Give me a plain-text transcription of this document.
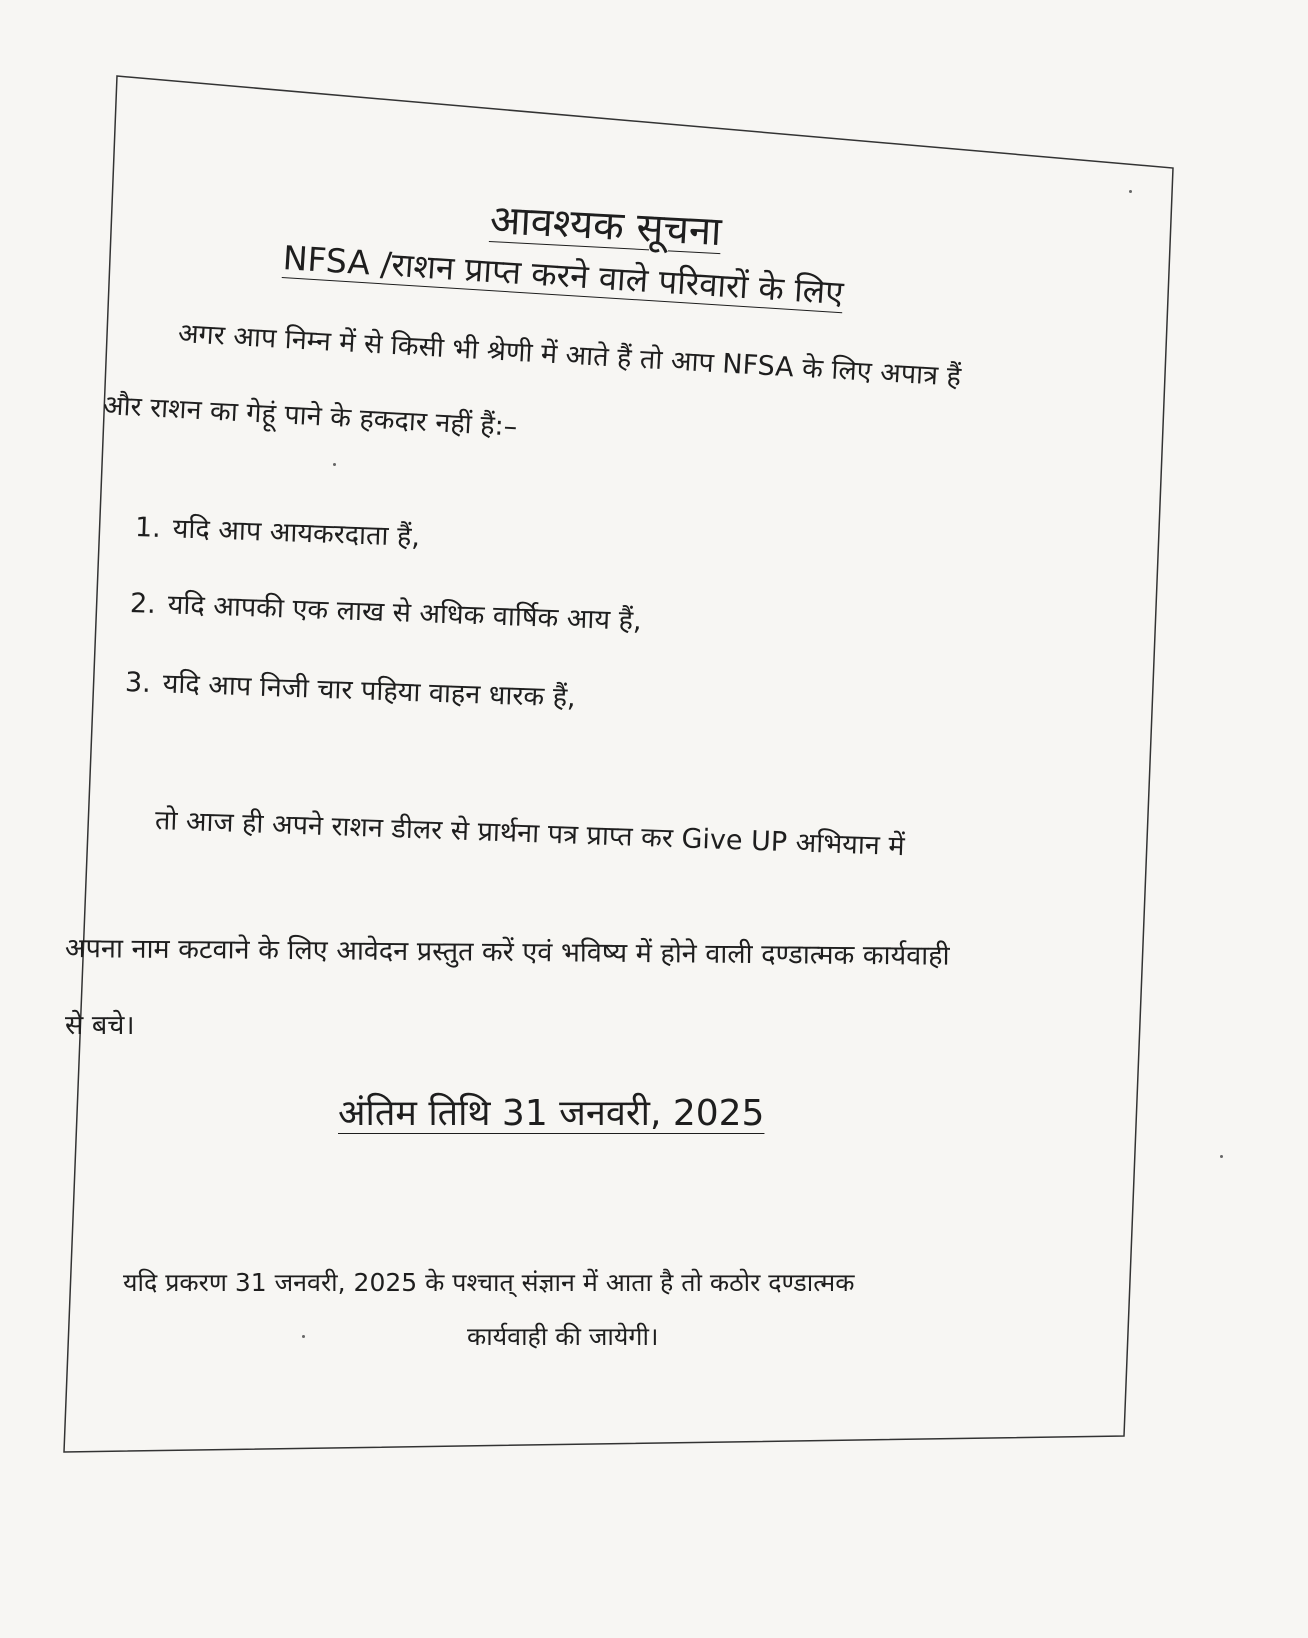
आवश्यक सूचना
NFSA /राशन प्राप्त करने वाले परिवारों के लिए
अगर आप निम्न में से किसी भी श्रेणी में आते हैं तो आप NFSA के लिए अपात्र हैं
और राशन का गेहूं पाने के हकदार नहीं हैं:–
1. यदि आप आयकरदाता हैं,
2. यदि आपकी एक लाख से अधिक वार्षिक आय हैं,
3. यदि आप निजी चार पहिया वाहन धारक हैं,
तो आज ही अपने राशन डीलर से प्रार्थना पत्र प्राप्त कर Give UP अभियान में
अपना नाम कटवाने के लिए आवेदन प्रस्तुत करें एवं भविष्य में होने वाली दण्डात्मक कार्यवाही
से बचे।
अंतिम तिथि 31 जनवरी, 2025
यदि प्रकरण 31 जनवरी, 2025 के पश्चात् संज्ञान में आता है तो कठोर दण्डात्मक
कार्यवाही की जायेगी।
